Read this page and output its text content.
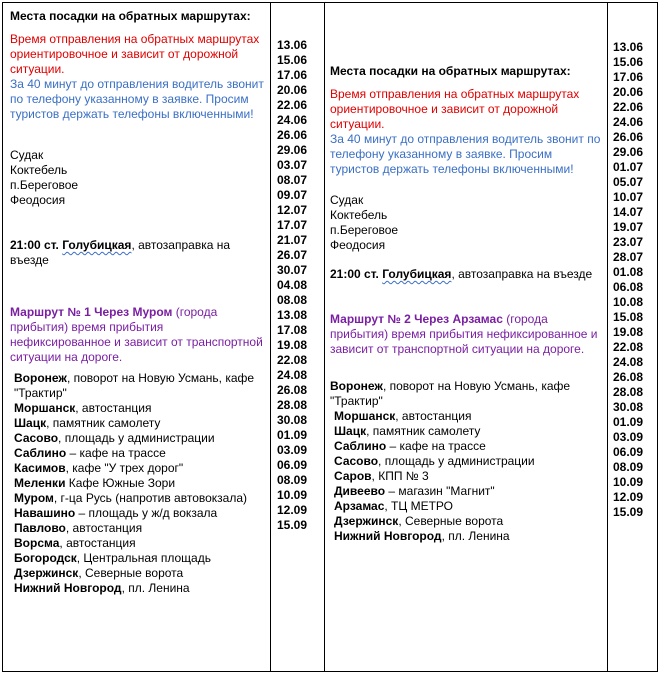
Места посадки на обратных маршрутах:

Время отправления на обратных маршрутах ориентировочное и зависит от дорожной ситуации.

За 40 минут до отправления водитель звонит по телефону указанному в заявке. Просим туристов держать телефоны включенными!

Судак

Коктебель

п.Береговое

Феодосия

21:00 ст. Голубицкая, автозаправка на въезде

Маршрут № 1 Через Муром (города прибытия) время прибытия нефиксированное и зависит от транспортной ситуации на дороге.

Воронеж, поворот на Новую Усмань, кафе "Трактир"

Моршанск, автостанция

Шацк, памятник самолету

Сасово, площадь у администрации

Саблино – кафе на трассе

Касимов, кафе "У трех дорог"

Меленки Кафе Южные Зори

Муром, г-ца Русь (напротив автовокзала)

Навашино – площадь у ж/д вокзала

Павлово, автостанция

Ворсма, автостанция

Богородск, Центральная площадь

Дзержинск, Северные ворота

Нижний Новгород, пл. Ленина

13.06
15.06
17.06
20.06
22.06
24.06
26.06
29.06
03.07
08.07
09.07
12.07
17.07
21.07
26.07
30.07
04.08
08.08
13.08
17.08
19.08
22.08
24.08
26.08
28.08
30.08
01.09
03.09
06.09
08.09
10.09
12.09
15.09

Места посадки на обратных маршрутах:

Время отправления на обратных маршрутах ориентировочное и зависит от дорожной ситуации.

За 40 минут до отправления водитель звонит по телефону указанному в заявке. Просим туристов держать телефоны включенными!

Судак

Коктебель

п.Береговое

Феодосия

21:00 ст. Голубицкая, автозаправка на въезде

Маршрут № 2 Через Арзамас (города прибытия) время прибытия нефиксированное и зависит от транспортной ситуации на дороге.

Воронеж, поворот на Новую Усмань, кафе "Трактир"

Моршанск, автостанция

Шацк, памятник самолету

Саблино – кафе на трассе

Сасово, площадь у администрации

Саров, КПП № 3

Дивеево – магазин "Магнит"

Арзамас, ТЦ МЕТРО

Дзержинск, Северные ворота

Нижний Новгород, пл. Ленина

13.06
15.06
17.06
20.06
22.06
24.06
26.06
29.06
01.07
05.07
10.07
14.07
19.07
23.07
28.07
01.08
06.08
10.08
15.08
19.08
22.08
24.08
26.08
28.08
30.08
01.09
03.09
06.09
08.09
10.09
12.09
15.09
